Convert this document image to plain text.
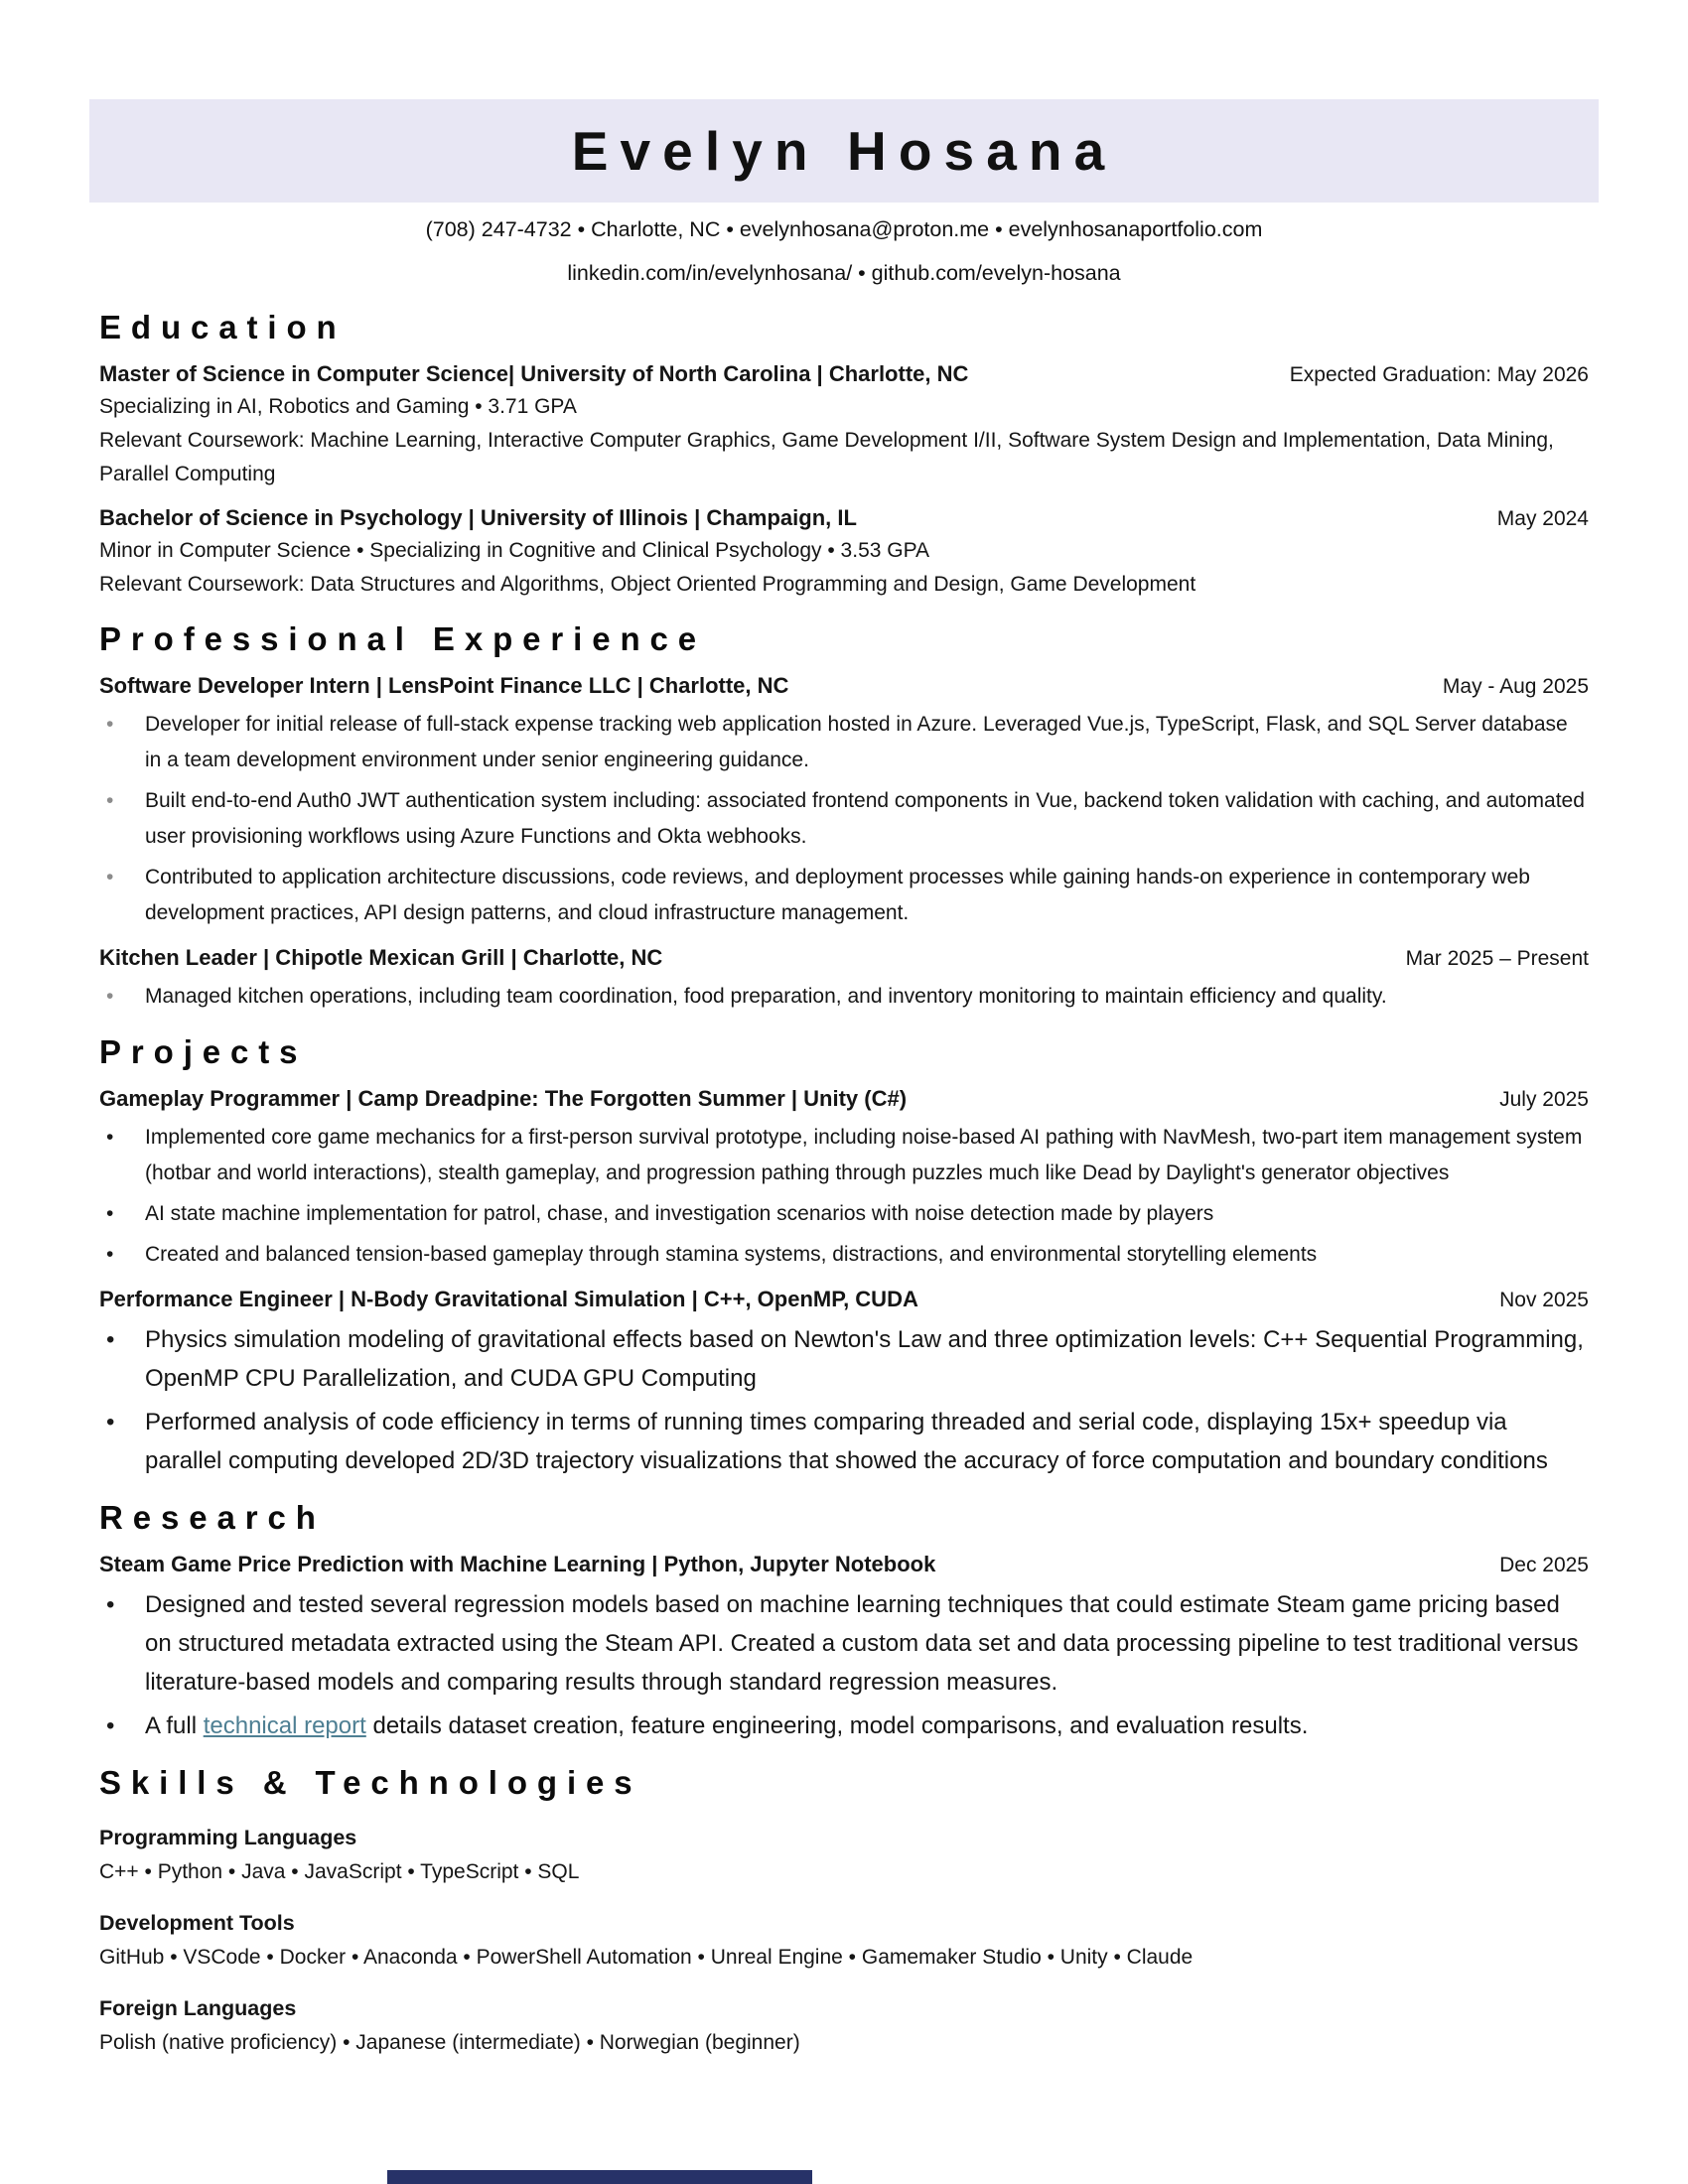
Evelyn Hosana
(708) 247-4732 • Charlotte, NC • evelynhosana@proton.me • evelynhosanaportfolio.com
linkedin.com/in/evelynhosana/ • github.com/evelyn-hosana
Education
Master of Science in Computer Science| University of North Carolina | Charlotte, NC	Expected Graduation: May 2026
Specializing in AI, Robotics and Gaming • 3.71 GPA
Relevant Coursework: Machine Learning, Interactive Computer Graphics, Game Development I/II, Software System Design and Implementation, Data Mining, Parallel Computing
Bachelor of Science in Psychology | University of Illinois | Champaign, IL	May 2024
Minor in Computer Science • Specializing in Cognitive and Clinical Psychology • 3.53 GPA
Relevant Coursework: Data Structures and Algorithms, Object Oriented Programming and Design, Game Development
Professional Experience
Software Developer Intern | LensPoint Finance LLC | Charlotte, NC	May - Aug 2025
•	Developer for initial release of full-stack expense tracking web application hosted in Azure. Leveraged Vue.js, TypeScript, Flask, and SQL Server database in a team development environment under senior engineering guidance.
•	Built end-to-end Auth0 JWT authentication system including: associated frontend components in Vue, backend token validation with caching, and automated user provisioning workflows using Azure Functions and Okta webhooks.
•	Contributed to application architecture discussions, code reviews, and deployment processes while gaining hands-on experience in contemporary web development practices, API design patterns, and cloud infrastructure management.
Kitchen Leader | Chipotle Mexican Grill | Charlotte, NC	Mar 2025 – Present
•	Managed kitchen operations, including team coordination, food preparation, and inventory monitoring to maintain efficiency and quality.
Projects
Gameplay Programmer | Camp Dreadpine: The Forgotten Summer | Unity (C#)	July 2025
•	Implemented core game mechanics for a first-person survival prototype, including noise-based AI pathing with NavMesh, two-part item management system (hotbar and world interactions), stealth gameplay, and progression pathing through puzzles much like Dead by Daylight's generator objectives
•	AI state machine implementation for patrol, chase, and investigation scenarios with noise detection made by players
•	Created and balanced tension-based gameplay through stamina systems, distractions, and environmental storytelling elements
Performance Engineer | N-Body Gravitational Simulation | C++, OpenMP, CUDA	Nov 2025
•	Physics simulation modeling of gravitational effects based on Newton's Law and three optimization levels: C++ Sequential Programming, OpenMP CPU Parallelization, and CUDA GPU Computing
•	Performed analysis of code efficiency in terms of running times comparing threaded and serial code, displaying 15x+ speedup via parallel computing developed 2D/3D trajectory visualizations that showed the accuracy of force computation and boundary conditions
Research
Steam Game Price Prediction with Machine Learning | Python, Jupyter Notebook	Dec 2025
•	Designed and tested several regression models based on machine learning techniques that could estimate Steam game pricing based on structured metadata extracted using the Steam API. Created a custom data set and data processing pipeline to test traditional versus literature-based models and comparing results through standard regression measures.
•	A full technical report details dataset creation, feature engineering, model comparisons, and evaluation results.
Skills & Technologies
Programming Languages
C++ • Python • Java • JavaScript • TypeScript • SQL
Development Tools
GitHub • VSCode • Docker • Anaconda • PowerShell Automation • Unreal Engine • Gamemaker Studio • Unity • Claude
Foreign Languages
Polish (native proficiency) • Japanese (intermediate) • Norwegian (beginner)
